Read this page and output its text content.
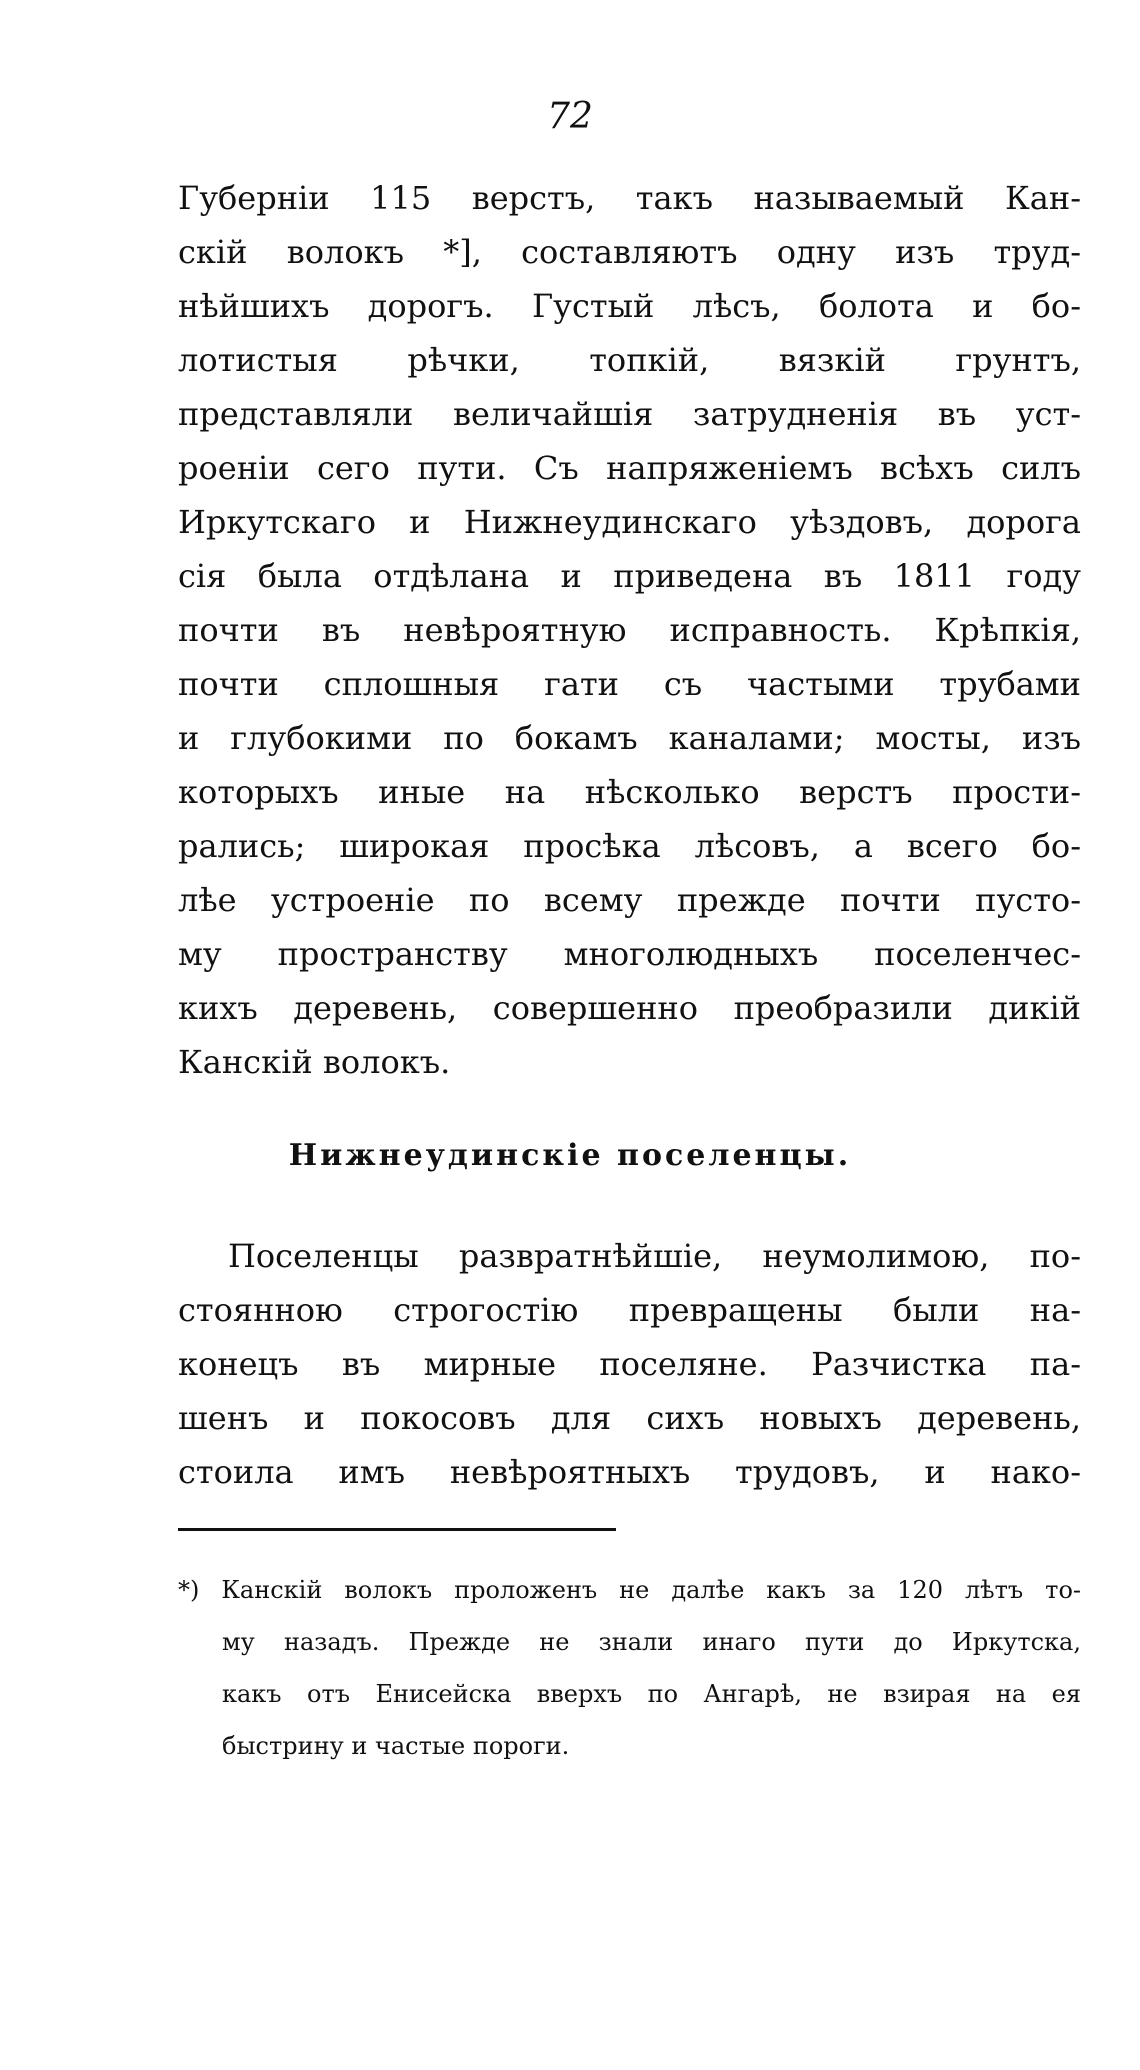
72
Губерніи 115 верстъ, такъ называемый Кан-
скій волокъ *], составляютъ одну изъ труд-
нѣйшихъ дорогъ. Густый лѣсъ, болота и бо-
лотистыя рѣчки, топкій, вязкій грунтъ,
представляли величайшія затрудненія въ уст-
роеніи сего пути. Съ напряженіемъ всѣхъ силъ
Иркутскаго и Нижнеудинскаго уѣздовъ, дорога
сія была отдѣлана и приведена въ 1811 году
почти въ невѣроятную исправность. Крѣпкія,
почти сплошныя гати съ частыми трубами
и глубокими по бокамъ каналами; мосты, изъ
которыхъ иные на нѣсколько верстъ прости-
рались; широкая просѣка лѣсовъ, а всего бо-
лѣе устроеніе по всему прежде почти пусто-
му пространству многолюдныхъ поселенчес-
кихъ деревень, совершенно преобразили дикій
Канскій волокъ.
Нижнеудинскіе поселенцы.
Поселенцы развратнѣйшіе, неумолимою, по-
стоянною строгостію превращены были на-
конецъ въ мирные поселяне. Разчистка па-
шенъ и покосовъ для сихъ новыхъ деревень,
стоила имъ невѣроятныхъ трудовъ, и нако-
*) Канскій волокъ проложенъ не далѣе какъ за 120 лѣтъ то-
му назадъ. Прежде не знали инаго пути до Иркутска,
какъ отъ Енисейска вверхъ по Ангарѣ, не взирая на ея
быстрину и частые пороги.
